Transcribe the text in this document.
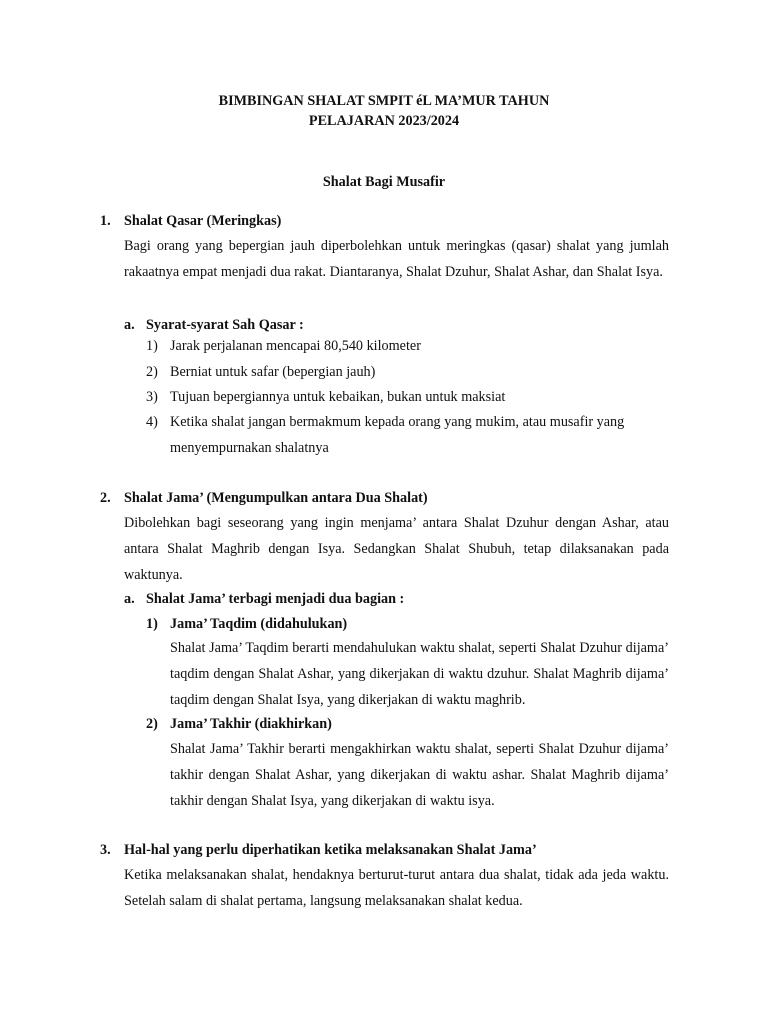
BIMBINGAN SHALAT SMPIT éL MA’MUR TAHUN
PELAJARAN 2023/2024
Shalat Bagi Musafir
1. Shalat Qasar (Meringkas)
Bagi orang yang bepergian jauh diperbolehkan untuk meringkas (qasar) shalat yang jumlah rakaatnya empat menjadi dua rakat. Diantaranya, Shalat Dzuhur, Shalat Ashar, dan Shalat Isya.
a. Syarat-syarat Sah Qasar :
1) Jarak perjalanan mencapai 80,540 kilometer
2) Berniat untuk safar (bepergian jauh)
3) Tujuan bepergiannya untuk kebaikan, bukan untuk maksiat
4) Ketika shalat jangan bermakmum kepada orang yang mukim, atau musafir yang menyempurnakan shalatnya
2. Shalat Jama’ (Mengumpulkan antara Dua Shalat)
Dibolehkan bagi seseorang yang ingin menjama’ antara Shalat Dzuhur dengan Ashar, atau antara Shalat Maghrib dengan Isya. Sedangkan Shalat Shubuh, tetap dilaksanakan pada waktunya.
a. Shalat Jama’ terbagi menjadi dua bagian :
1) Jama’ Taqdim (didahulukan)
Shalat Jama’ Taqdim berarti mendahulukan waktu shalat, seperti Shalat Dzuhur dijama’ taqdim dengan Shalat Ashar, yang dikerjakan di waktu dzuhur. Shalat Maghrib dijama’ taqdim dengan Shalat Isya, yang dikerjakan di waktu maghrib.
2) Jama’ Takhir (diakhirkan)
Shalat Jama’ Takhir berarti mengakhirkan waktu shalat, seperti Shalat Dzuhur dijama’ takhir dengan Shalat Ashar, yang dikerjakan di waktu ashar. Shalat Maghrib dijama’ takhir dengan Shalat Isya, yang dikerjakan di waktu isya.
3. Hal-hal yang perlu diperhatikan ketika melaksanakan Shalat Jama’
Ketika melaksanakan shalat, hendaknya berturut-turut antara dua shalat, tidak ada jeda waktu. Setelah salam di shalat pertama, langsung melaksanakan shalat kedua.
